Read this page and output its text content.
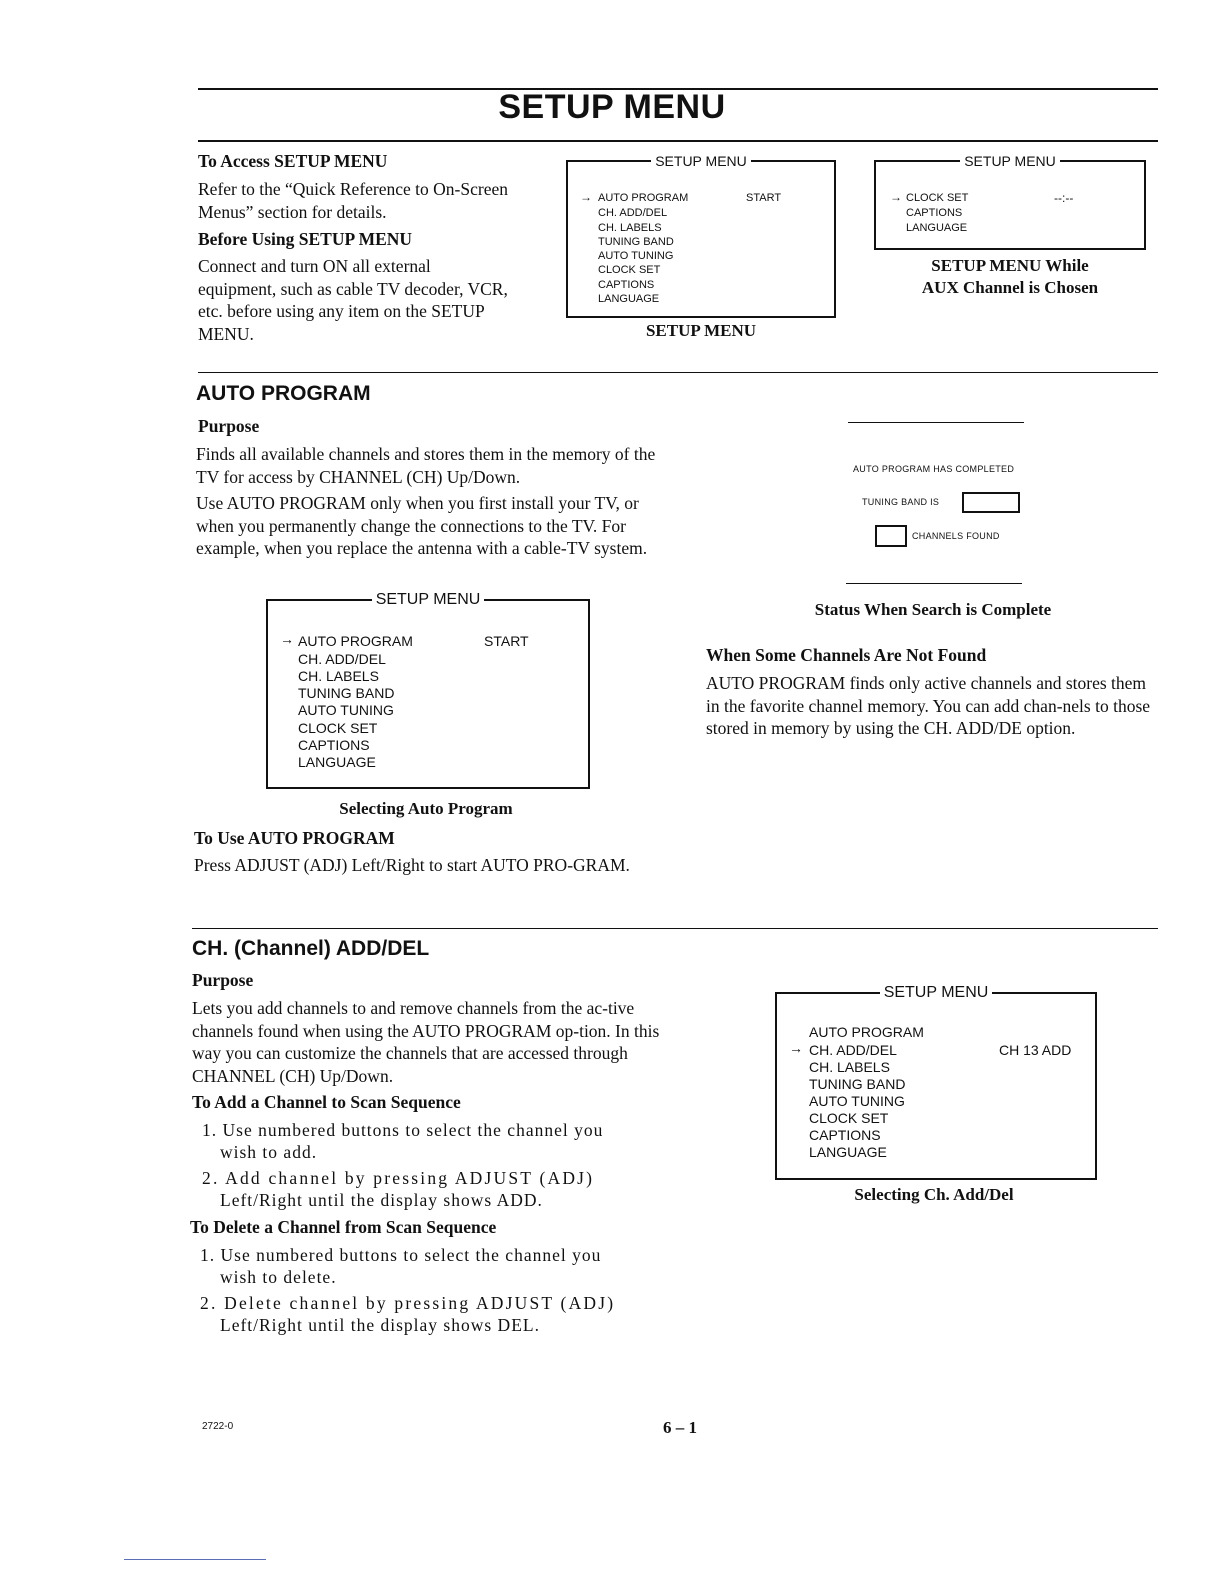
SETUP MENU
To Access SETUP MENU
Refer to the “Quick Reference to On-Screen Menus” section for details.
Before Using SETUP MENU
Connect and turn ON all external equipment, such as cable TV decoder, VCR, etc. before using any item on the SETUP MENU.
SETUP MENU
→ AUTO PROGRAM	START
CH. ADD/DEL
CH. LABELS
TUNING BAND
AUTO TUNING
CLOCK SET
CAPTIONS
LANGUAGE
SETUP MENU
SETUP MENU
→ CLOCK SET	--:--
CAPTIONS
LANGUAGE
SETUP MENU While
AUX Channel is Chosen
AUTO PROGRAM
Purpose
Finds all available channels and stores them in the memory of the TV for access by CHANNEL (CH) Up/Down.
Use AUTO PROGRAM only when you first install your TV, or when you permanently change the connections to the TV. For example, when you replace the antenna with a cable-TV system.
SETUP MENU
→ AUTO PROGRAM	START
CH. ADD/DEL
CH. LABELS
TUNING BAND
AUTO TUNING
CLOCK SET
CAPTIONS
LANGUAGE
Selecting Auto Program
To Use AUTO PROGRAM
Press ADJUST (ADJ) Left/Right to start AUTO PRO-GRAM.
AUTO PROGRAM HAS COMPLETED
TUNING BAND IS
CHANNELS FOUND
Status When Search is Complete
When Some Channels Are Not Found
AUTO PROGRAM finds only active channels and stores them in the favorite channel memory. You can add chan-nels to those stored in memory by using the CH. ADD/DE option.
CH. (Channel) ADD/DEL
Purpose
Lets you add channels to and remove channels from the ac-tive channels found when using the AUTO PROGRAM op-tion. In this way you can customize the channels that are accessed through CHANNEL (CH) Up/Down.
To Add a Channel to Scan Sequence
1. Use numbered buttons to select the channel you
wish to add.
2. Add channel by pressing ADJUST (ADJ)
Left/Right until the display shows ADD.
To Delete a Channel from Scan Sequence
1. Use numbered buttons to select the channel you
wish to delete.
2. Delete channel by pressing ADJUST (ADJ)
Left/Right until the display shows DEL.
SETUP MENU
AUTO PROGRAM
→ CH. ADD/DEL	CH 13 ADD
CH. LABELS
TUNING BAND
AUTO TUNING
CLOCK SET
CAPTIONS
LANGUAGE
Selecting Ch. Add/Del
2722-0	6 – 1
